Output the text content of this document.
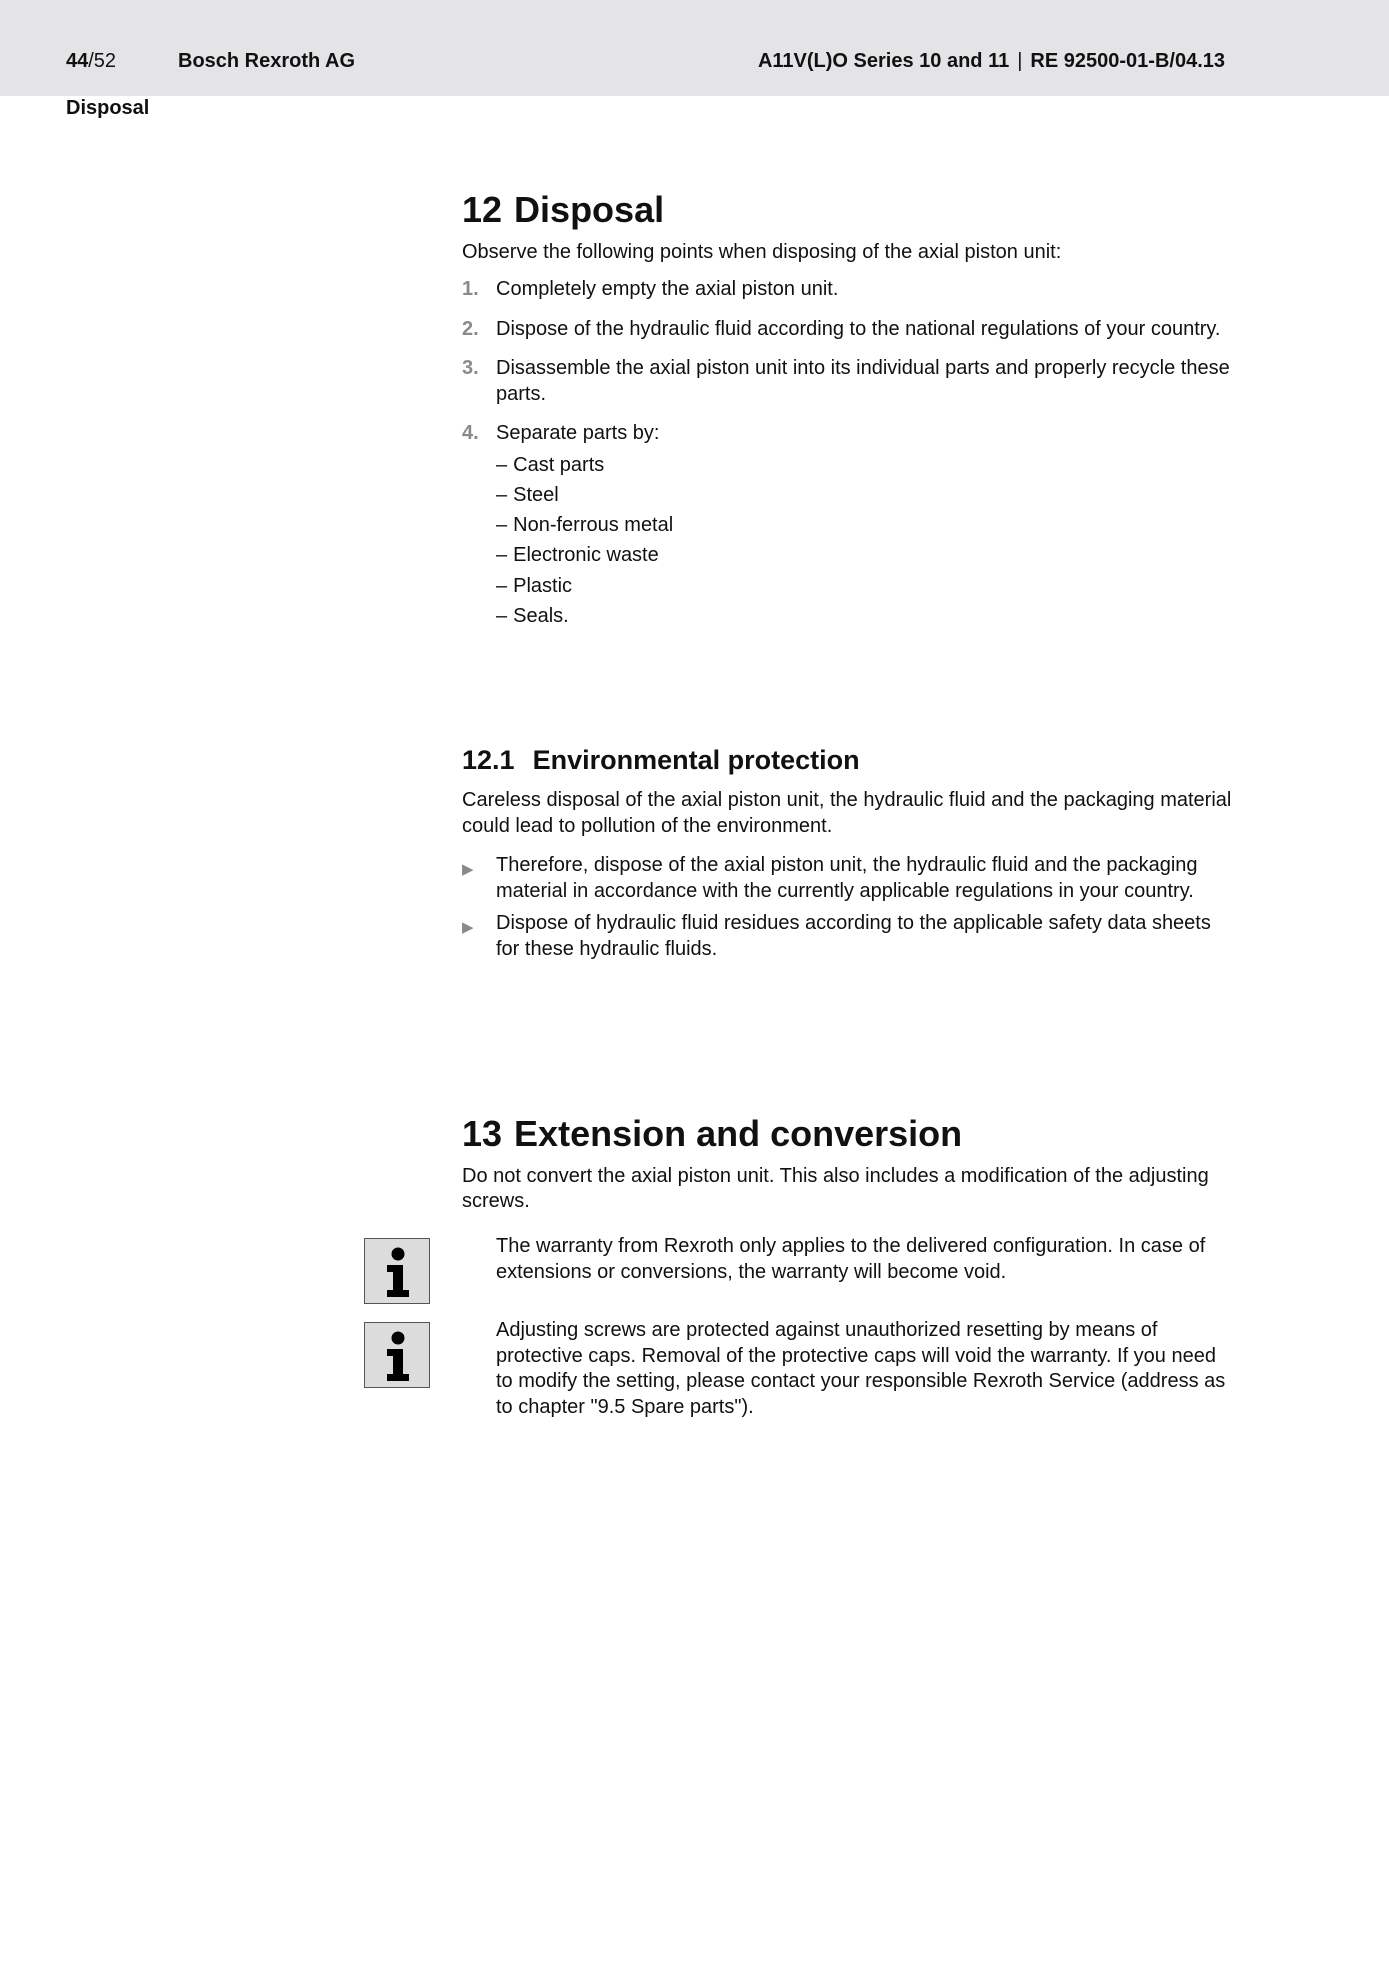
44/52	Bosch Rexroth AG	A11V(L)O Series 10 and 11 | RE 92500-01-B/04.13
Disposal
12 Disposal

Observe the following points when disposing of the axial piston unit:

1. Completely empty the axial piston unit.
2. Dispose of the hydraulic fluid according to the national regulations of your country.
3. Disassemble the axial piston unit into its individual parts and properly recycle these parts.
4. Separate parts by:
– Cast parts
– Steel
– Non-ferrous metal
– Electronic waste
– Plastic
– Seals.
12.1 Environmental protection

Careless disposal of the axial piston unit, the hydraulic fluid and the packaging material could lead to pollution of the environment.

▶ Therefore, dispose of the axial piston unit, the hydraulic fluid and the packaging material in accordance with the currently applicable regulations in your country.
▶ Dispose of hydraulic fluid residues according to the applicable safety data sheets for these hydraulic fluids.
13 Extension and conversion

Do not convert the axial piston unit. This also includes a modification of the adjusting screws.

The warranty from Rexroth only applies to the delivered configuration. In case of extensions or conversions, the warranty will become void.

Adjusting screws are protected against unauthorized resetting by means of protective caps. Removal of the protective caps will void the warranty. If you need to modify the setting, please contact your responsible Rexroth Service (address as to chapter "9.5 Spare parts").
